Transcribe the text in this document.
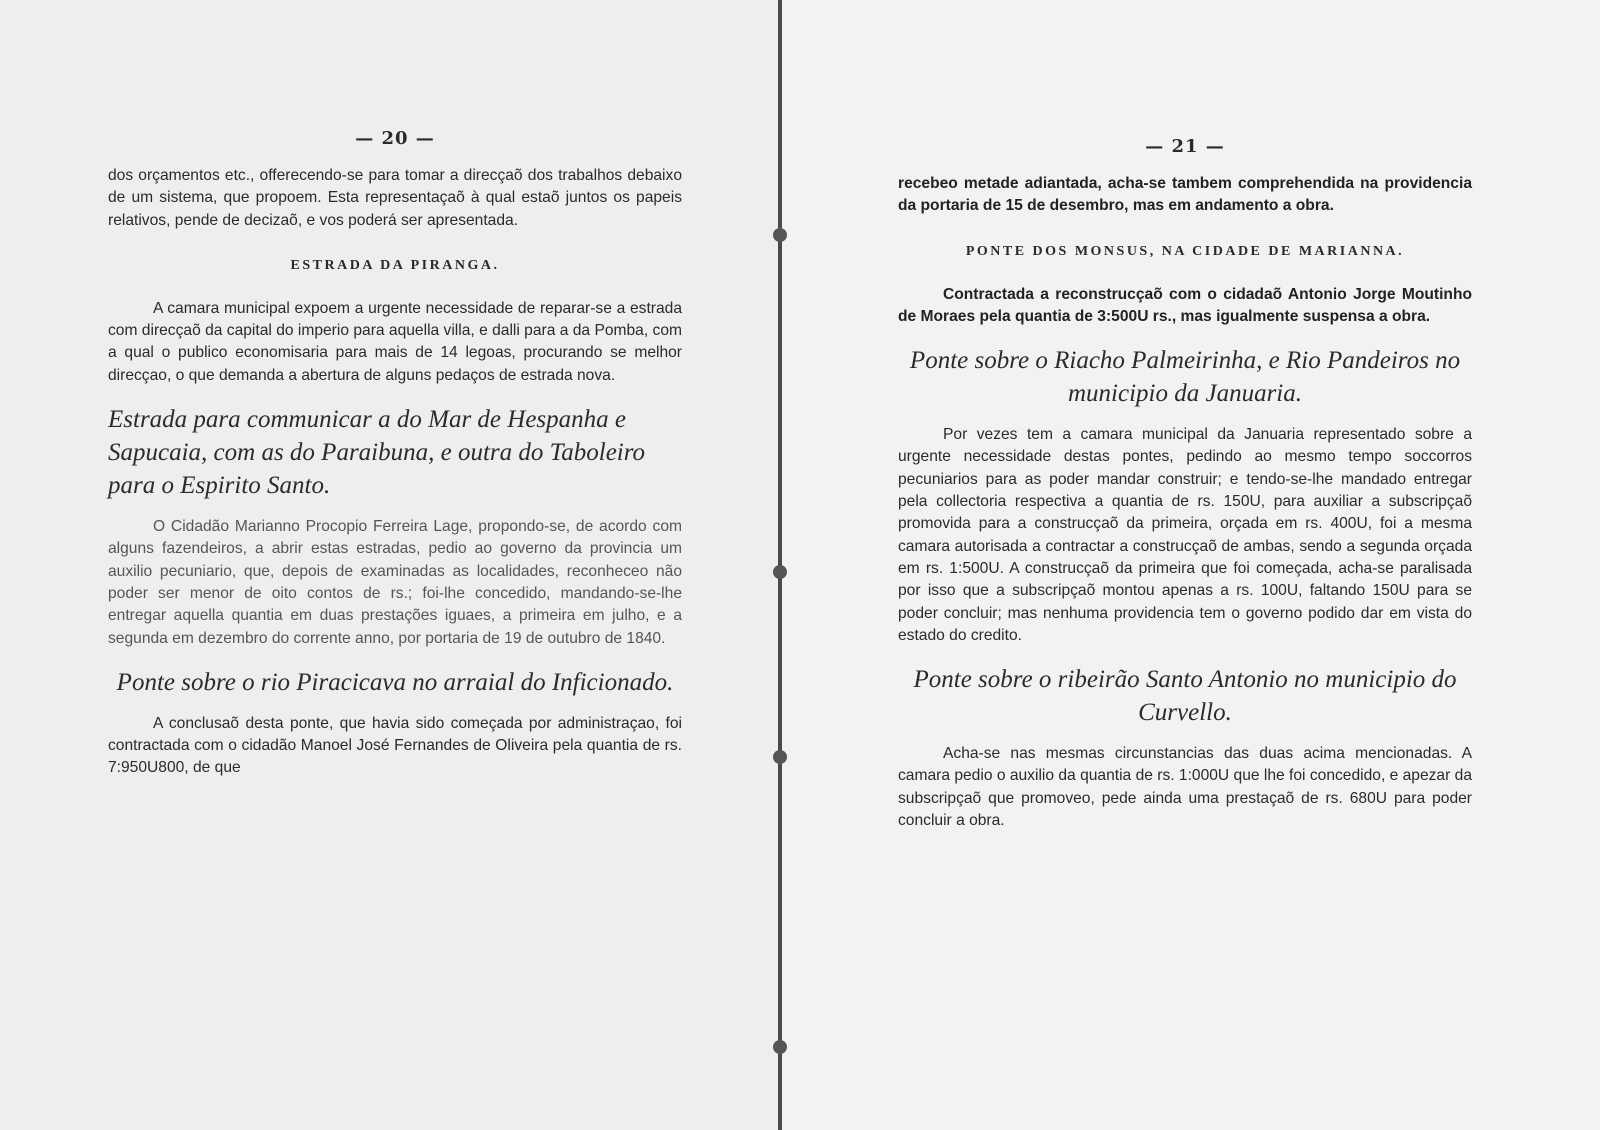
— 20 —

dos orçamentos etc., offerecendo-se para tomar a direcçaõ dos trabalhos debaixo de um sistema, que propoem. Esta representaçaõ à qual estaõ juntos os papeis relativos, pende de decizaõ, e vos poderá ser apresentada.

ESTRADA DA PIRANGA.

A camara municipal expoem a urgente necessidade de reparar-se a estrada com direcçaõ da capital do imperio para aquella villa, e dalli para a da Pomba, com a qual o publico economisaria para mais de 14 legoas, procurando se melhor direcçao, o que demanda a abertura de alguns pedaços de estrada nova.

Estrada para communicar a do Mar de Hespanha e Sapucaia, com as do Paraibuna, e outra do Taboleiro para o Espirito Santo.

O Cidadão Marianno Procopio Ferreira Lage, propondo-se, de acordo com alguns fazendeiros, a abrir estas estradas, pedio ao governo da provincia um auxilio pecuniario, que, depois de examinadas as localidades, reconheceo não poder ser menor de oito contos de rs.; foi-lhe concedido, mandando-se-lhe entregar aquella quantia em duas prestações iguaes, a primeira em julho, e a segunda em dezembro do corrente anno, por portaria de 19 de outubro de 1840.

Ponte sobre o rio Piracicava no arraial do Inficionado.

A conclusaõ desta ponte, que havia sido começada por administraçao, foi contractada com o cidadão Manoel José Fernandes de Oliveira pela quantia de rs. 7:950U800, de que

— 21 —

recebeo metade adiantada, acha-se tambem comprehendida na providencia da portaria de 15 de desembro, mas em andamento a obra.

PONTE DOS MONSUS, NA CIDADE DE MARIANNA.

Contractada a reconstrucçaõ com o cidadaõ Antonio Jorge Moutinho de Moraes pela quantia de 3:500U rs., mas igualmente suspensa a obra.

Ponte sobre o Riacho Palmeirinha, e Rio Pandeiros no municipio da Januaria.

Por vezes tem a camara municipal da Januaria representado sobre a urgente necessidade destas pontes, pedindo ao mesmo tempo soccorros pecuniarios para as poder mandar construir; e tendo-se-lhe mandado entregar pela collectoria respectiva a quantia de rs. 150U, para auxiliar a subscripçaõ promovida para a construcçaõ da primeira, orçada em rs. 400U, foi a mesma camara autorisada a contractar a construcçaõ de ambas, sendo a segunda orçada em rs. 1:500U. A construcçaõ da primeira que foi começada, acha-se paralisada por isso que a subscripçaõ montou apenas a rs. 100U, faltando 150U para se poder concluir; mas nenhuma providencia tem o governo podido dar em vista do estado do credito.

Ponte sobre o ribeirão Santo Antonio no municipio do Curvello.

Acha-se nas mesmas circunstancias das duas acima mencionadas. A camara pedio o auxilio da quantia de rs. 1:000U que lhe foi concedido, e apezar da subscripçaõ que promoveo, pede ainda uma prestaçaõ de rs. 680U para poder concluir a obra.
